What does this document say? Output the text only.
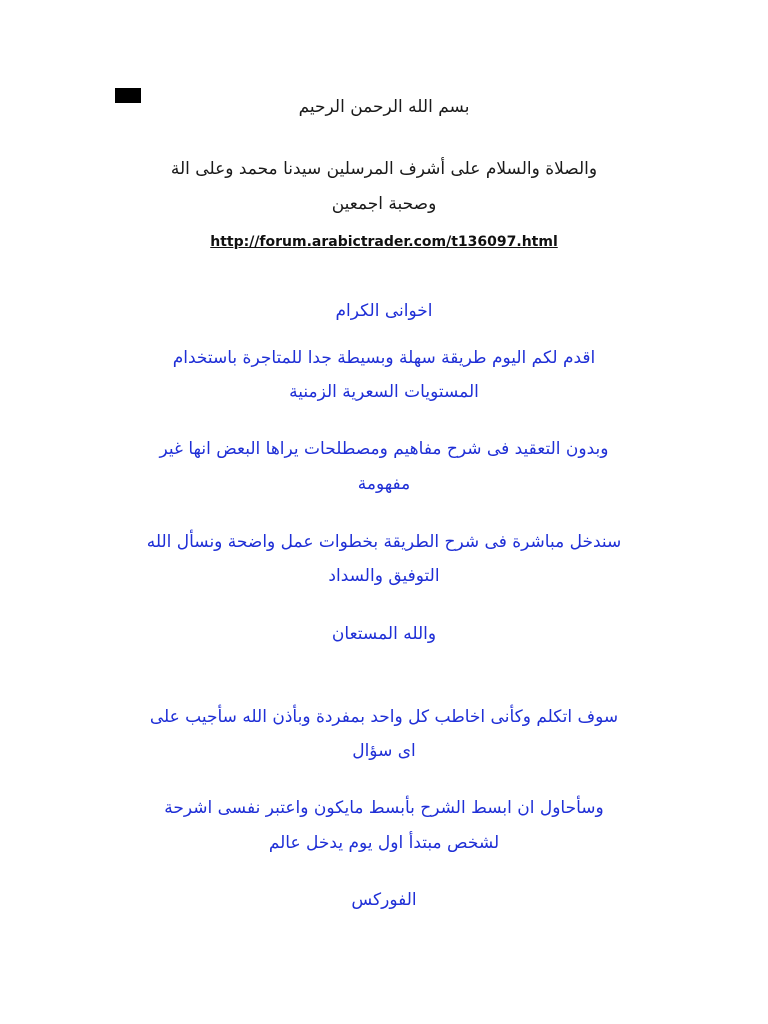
بسم الله الرحمن الرحيم
والصلاة والسلام على أشرف المرسلين سيدنا محمد وعلى الة
وصحبة اجمعين
http://forum.arabictrader.com/t136097.html
اخوانى الكرام
اقدم لكم اليوم طريقة سهلة وبسيطة جدا للمتاجرة باستخدام
المستويات السعرية الزمنية
وبدون التعقيد فى شرح مفاهيم ومصطلحات يراها البعض انها غير
مفهومة
سندخل مباشرة فى شرح الطريقة بخطوات عمل واضحة ونسأل الله
التوفيق والسداد
والله المستعان
سوف اتكلم وكأنى اخاطب كل واحد بمفردة وبأذن الله سأجيب على
اى سؤال
وسأحاول ان ابسط الشرح بأبسط مايكون واعتبر نفسى اشرحة
لشخص مبتدأ اول يوم يدخل عالم
الفوركس
